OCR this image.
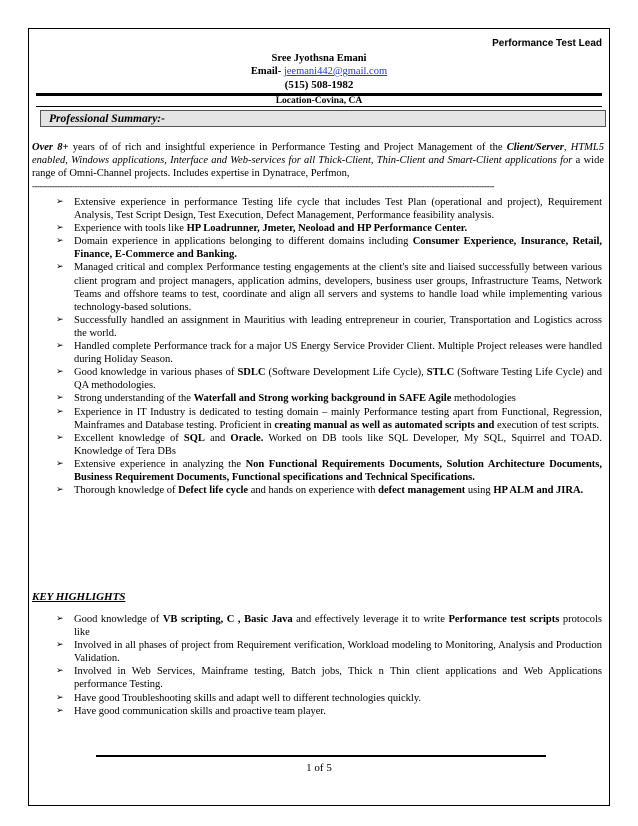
Performance Test Lead
Sree Jyothsna Emani
Email- jeemani442@gmail.com
(515) 508-1982
Location-Covina, CA
Professional Summary:-
Over 8+ years of of rich and insightful experience in Performance Testing and Project Management of the Client/Server, HTML5 enabled, Windows applications, Interface and Web-services for all Thick-Client, Thin-Client and Smart-Client applications for a wide range of Omni-Channel projects. Includes expertise in Dynatrace, Perfmon,
-----------------------------------------------------------------------------------------------------------------------------------------------------------------------------------------
➢ Extensive experience in performance Testing life cycle that includes Test Plan (operational and project), Requirement Analysis, Test Script Design, Test Execution, Defect Management, Performance feasibility analysis.
➢ Experience with tools like HP Loadrunner, Jmeter, Neoload and HP Performance Center.
➢ Domain experience in applications belonging to different domains including Consumer Experience, Insurance, Retail, Finance, E-Commerce and Banking.
➢ Managed critical and complex Performance testing engagements at the client's site and liaised successfully between various client program and project managers, application admins, developers, business user groups, Infrastructure Teams, Network Teams and offshore teams to test, coordinate and align all servers and systems to handle load while implementing various technology-based solutions.
➢ Successfully handled an assignment in Mauritius with leading entrepreneur in courier, Transportation and Logistics across the world.
➢ Handled complete Performance track for a major US Energy Service Provider Client. Multiple Project releases were handled during Holiday Season.
➢ Good knowledge in various phases of SDLC (Software Development Life Cycle), STLC (Software Testing Life Cycle) and QA methodologies.
➢ Strong understanding of the Waterfall and Strong working background in SAFE Agile methodologies
➢ Experience in IT Industry is dedicated to testing domain – mainly Performance testing apart from Functional, Regression, Mainframes and Database testing. Proficient in creating manual as well as automated scripts and execution of test scripts.
➢ Excellent knowledge of SQL and Oracle. Worked on DB tools like SQL Developer, My SQL, Squirrel and TOAD. Knowledge of Tera DBs
➢ Extensive experience in analyzing the Non Functional Requirements Documents, Solution Architecture Documents, Business Requirement Documents, Functional specifications and Technical Specifications.
➢ Thorough knowledge of Defect life cycle and hands on experience with defect management using HP ALM and JIRA.
KEY HIGHLIGHTS
➢ Good knowledge of VB scripting, C , Basic Java and effectively leverage it to write Performance test scripts protocols like
➢ Involved in all phases of project from Requirement verification, Workload modeling to Monitoring, Analysis and Production Validation.
➢ Involved in Web Services, Mainframe testing, Batch jobs, Thick n Thin client applications and Web Applications performance Testing.
➢ Have good Troubleshooting skills and adapt well to different technologies quickly.
➢ Have good communication skills and proactive team player.
1 of 5
